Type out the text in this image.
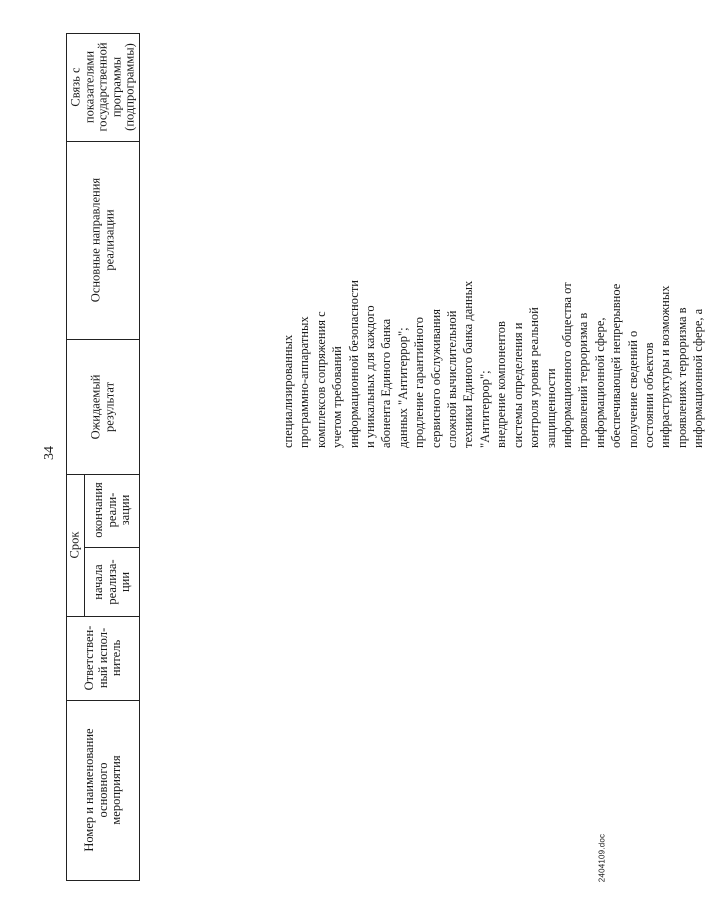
34
Номер и наименование
основного
мероприятия
Ответствен-
ный испол-
нитель
Срок
начала
реализа-
ции
окончания
реали-
зации
Ожидаемый
результат
Основные направления
реализации
Связь с
показателями
государственной
программы
(подпрограммы)
специализированных программно-аппаратных комплексов сопряжения с учетом требований информационной безопасности и уникальных для каждого абонента Единого банка данных "Антитеррор"; продление гарантийного сервисного обслуживания сложной вычислительной техники Единого банка данных "Антитеррор"; внедрение компонентов системы определения и контроля уровня реальной защищенности информационного общества от проявлений терроризма в информационной сфере, обеспечивающей непрерывное получение сведений о состоянии объектов инфраструктуры и возможных проявлениях терроризма в информационной сфере, а
2404109.doc
